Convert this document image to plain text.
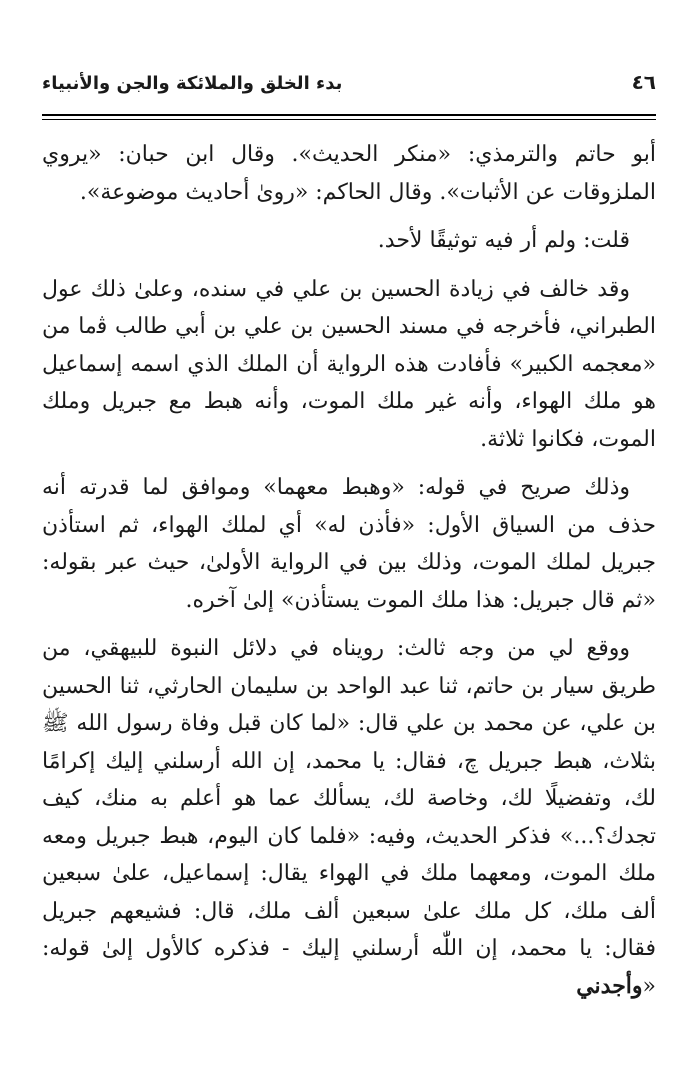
٤٦
بدء الخلق والملائكة والجن والأنبياء

أبو حاتم والترمذي: «منكر الحديث». وقال ابن حبان: «يروي الملزوقات عن الأثبات». وقال الحاكم: «روىٰ أحاديث موضوعة».

قلت: ولم أر فيه توثيقًا لأحد.

وقد خالف في زيادة الحسين بن علي في سنده، وعلىٰ ذلك عول الطبراني، فأخرجه في مسند الحسين بن علي بن أبي طالب ﭬما من «معجمه الكبير» فأفادت هذه الرواية أن الملك الذي اسمه إسماعيل هو ملك الهواء، وأنه غير ملك الموت، وأنه هبط مع جبريل وملك الموت، فكانوا ثلاثة.

وذلك صريح في قوله: «وهبط معهما» وموافق لما قدرته أنه حذف من السياق الأول: «فأذن له» أي لملك الهواء، ثم استأذن جبريل لملك الموت، وذلك بين في الرواية الأولىٰ، حيث عبر بقوله: «ثم قال جبريل: هذا ملك الموت يستأذن» إلىٰ آخره.

ووقع لي من وجه ثالث: رويناه في دلائل النبوة للبيهقي، من طريق سيار بن حاتم، ثنا عبد الواحد بن سليمان الحارثي، ثنا الحسين بن علي، عن محمد بن علي قال: «لما كان قبل وفاة رسول الله ﷺ بثلاث، هبط جبريل ﭺ، فقال: يا محمد، إن الله أرسلني إليك إكرامًا لك، وتفضيلًا لك، وخاصة لك، يسألك عما هو أعلم به منك، كيف تجدك؟...» فذكر الحديث، وفيه: «فلما كان اليوم، هبط جبريل ومعه ملك الموت، ومعهما ملك في الهواء يقال: إسماعيل، علىٰ سبعين ألف ملك، كل ملك علىٰ سبعين ألف ملك، قال: فشيعهم جبريل فقال: يا محمد، إن اللّٰه أرسلني إليك - فذكره كالأول إلىٰ قوله: «وأجدني
